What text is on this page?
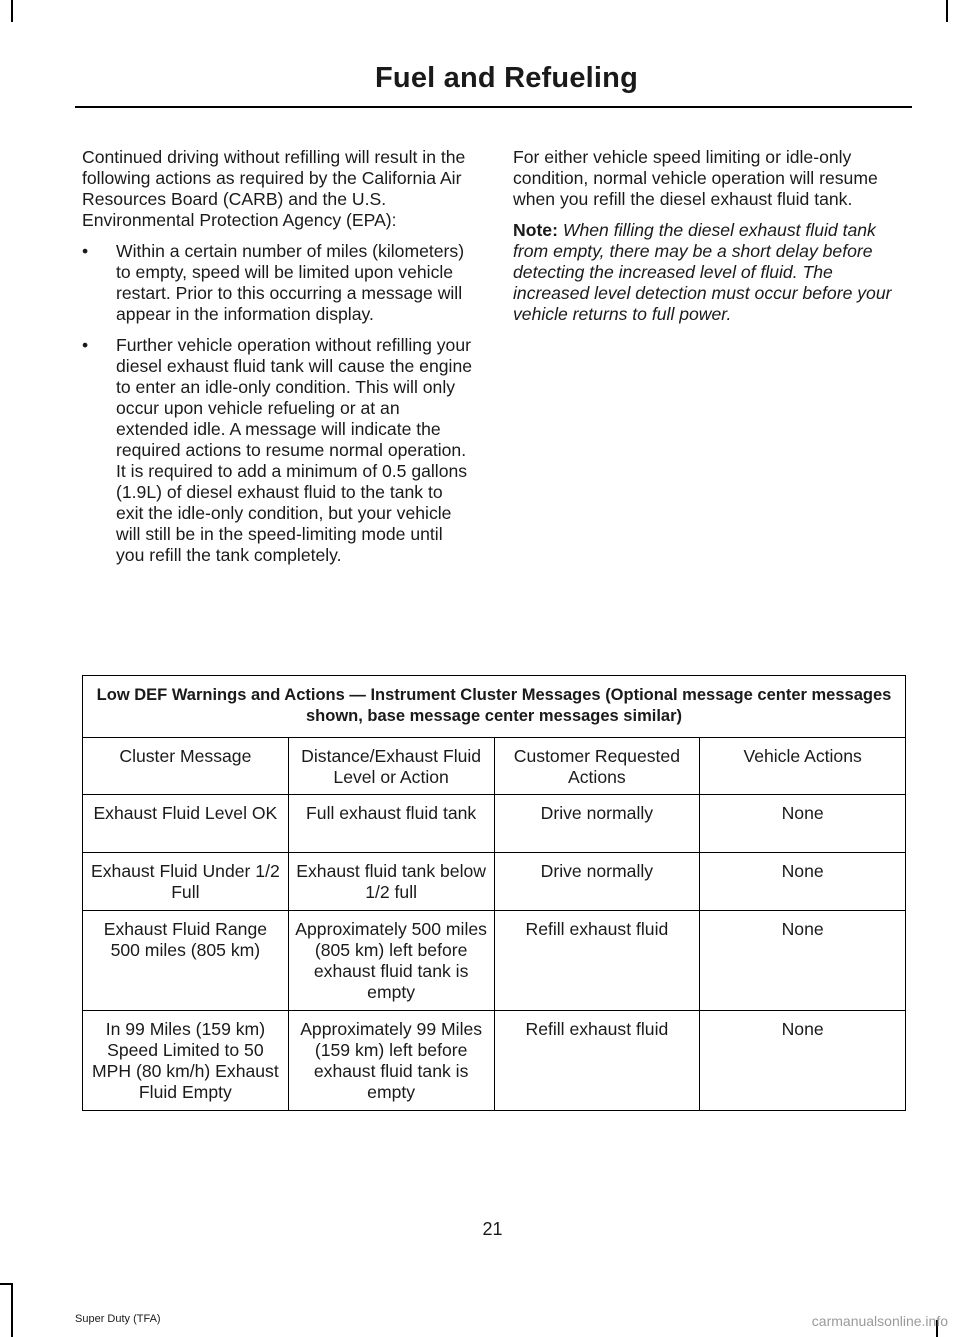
Fuel and Refueling

Continued driving without refilling will result in the following actions as required by the California Air Resources Board (CARB) and the U.S. Environmental Protection Agency (EPA):

• Within a certain number of miles (kilometers) to empty, speed will be limited upon vehicle restart. Prior to this occurring a message will appear in the information display.
• Further vehicle operation without refilling your diesel exhaust fluid tank will cause the engine to enter an idle-only condition. This will only occur upon vehicle refueling or at an extended idle. A message will indicate the required actions to resume normal operation. It is required to add a minimum of 0.5 gallons (1.9L) of diesel exhaust fluid to the tank to exit the idle-only condition, but your vehicle will still be in the speed-limiting mode until you refill the tank completely.

For either vehicle speed limiting or idle-only condition, normal vehicle operation will resume when you refill the diesel exhaust fluid tank.

Note: When filling the diesel exhaust fluid tank from empty, there may be a short delay before detecting the increased level of fluid. The increased level detection must occur before your vehicle returns to full power.

Low DEF Warnings and Actions — Instrument Cluster Messages (Optional message center messages shown, base message center messages similar)			
Cluster Message	Distance/Exhaust Fluid Level or Action	Customer Requested Actions	Vehicle Actions
Exhaust Fluid Level OK	Full exhaust fluid tank	Drive normally	None
Exhaust Fluid Under 1/2 Full	Exhaust fluid tank below 1/2 full	Drive normally	None
Exhaust Fluid Range 500 miles (805 km)	Approximately 500 miles (805 km) left before exhaust fluid tank is empty	Refill exhaust fluid	None
In 99 Miles (159 km) Speed Limited to 50 MPH (80 km/h) Exhaust Fluid Empty	Approximately 99 Miles (159 km) left before exhaust fluid tank is empty	Refill exhaust fluid	None
21
Super Duty (TFA)	carmanualsonline.info
